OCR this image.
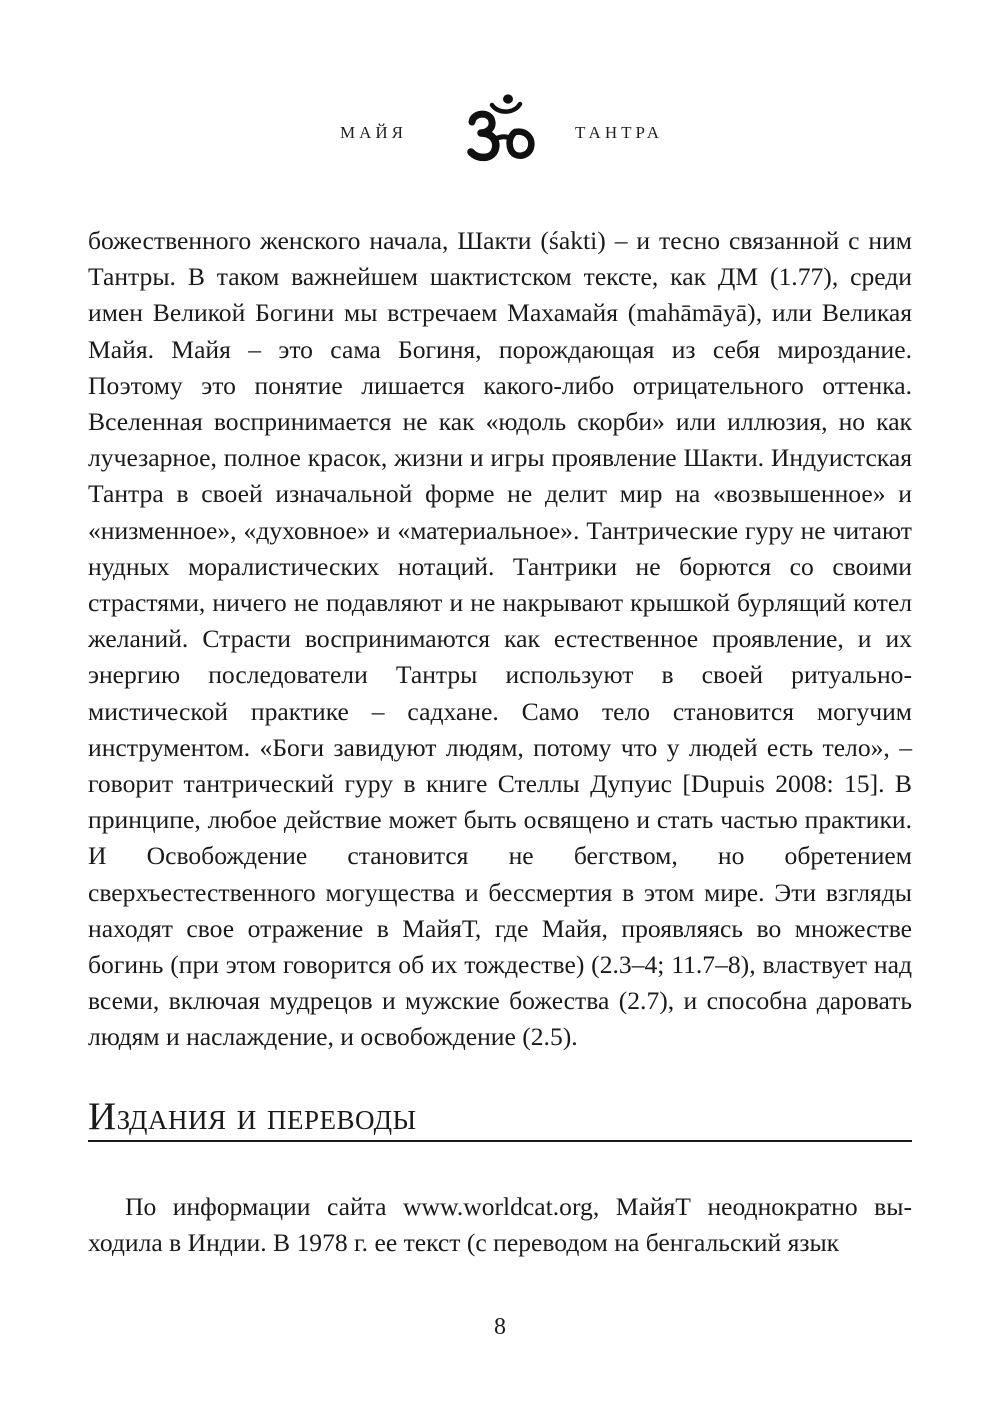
МАЙЯ	ТАНТРА

божественного женского начала, Шакти (śakti) – и тесно связанной с ним Тантры. В таком важнейшем шактистском тексте, как ДМ (1.77), среди имен Великой Богини мы встречаем Махамайя (mahāmāyā), или Великая Майя. Майя – это сама Богиня, порождающая из себя мироздание. Поэтому это понятие лишается какого-либо отрицательного оттенка. Вселенная воспринимается не как «юдоль скорби» или иллюзия, но как лучезарное, полное красок, жизни и игры проявление Шакти. Индуистская Тантра в своей изначальной форме не делит мир на «возвышенное» и «низменное», «духовное» и «материальное». Тантрические гуру не читают нудных моралистических нотаций. Тантрики не борются со своими страстями, ничего не подавляют и не накрывают крышкой бурлящий котел желаний. Страсти воспринимаются как естественное проявление, и их энергию последователи Тантры используют в своей ритуально-мистической практике – садхане. Само тело становится могучим инструментом. «Боги завидуют людям, потому что у людей есть тело», – говорит тантрический гуру в книге Стеллы Дупуис [Dupuis 2008: 15]. В принципе, любое действие может быть освящено и стать частью практики. И Освобождение становится не бегством, но обретением сверхъестественного могущества и бессмертия в этом мире. Эти взгляды находят свое отражение в МайяТ, где Майя, проявляясь во множестве богинь (при этом говорится об их тождестве) (2.3–4; 11.7–8), властвует над всеми, включая мудрецов и мужские божества (2.7), и способна даровать людям и наслаждение, и освобождение (2.5).

Издания и переводы

По информации сайта www.worldcat.org, МайяТ неоднократно выходила в Индии. В 1978 г. ее текст (с переводом на бенгальский язык

8
